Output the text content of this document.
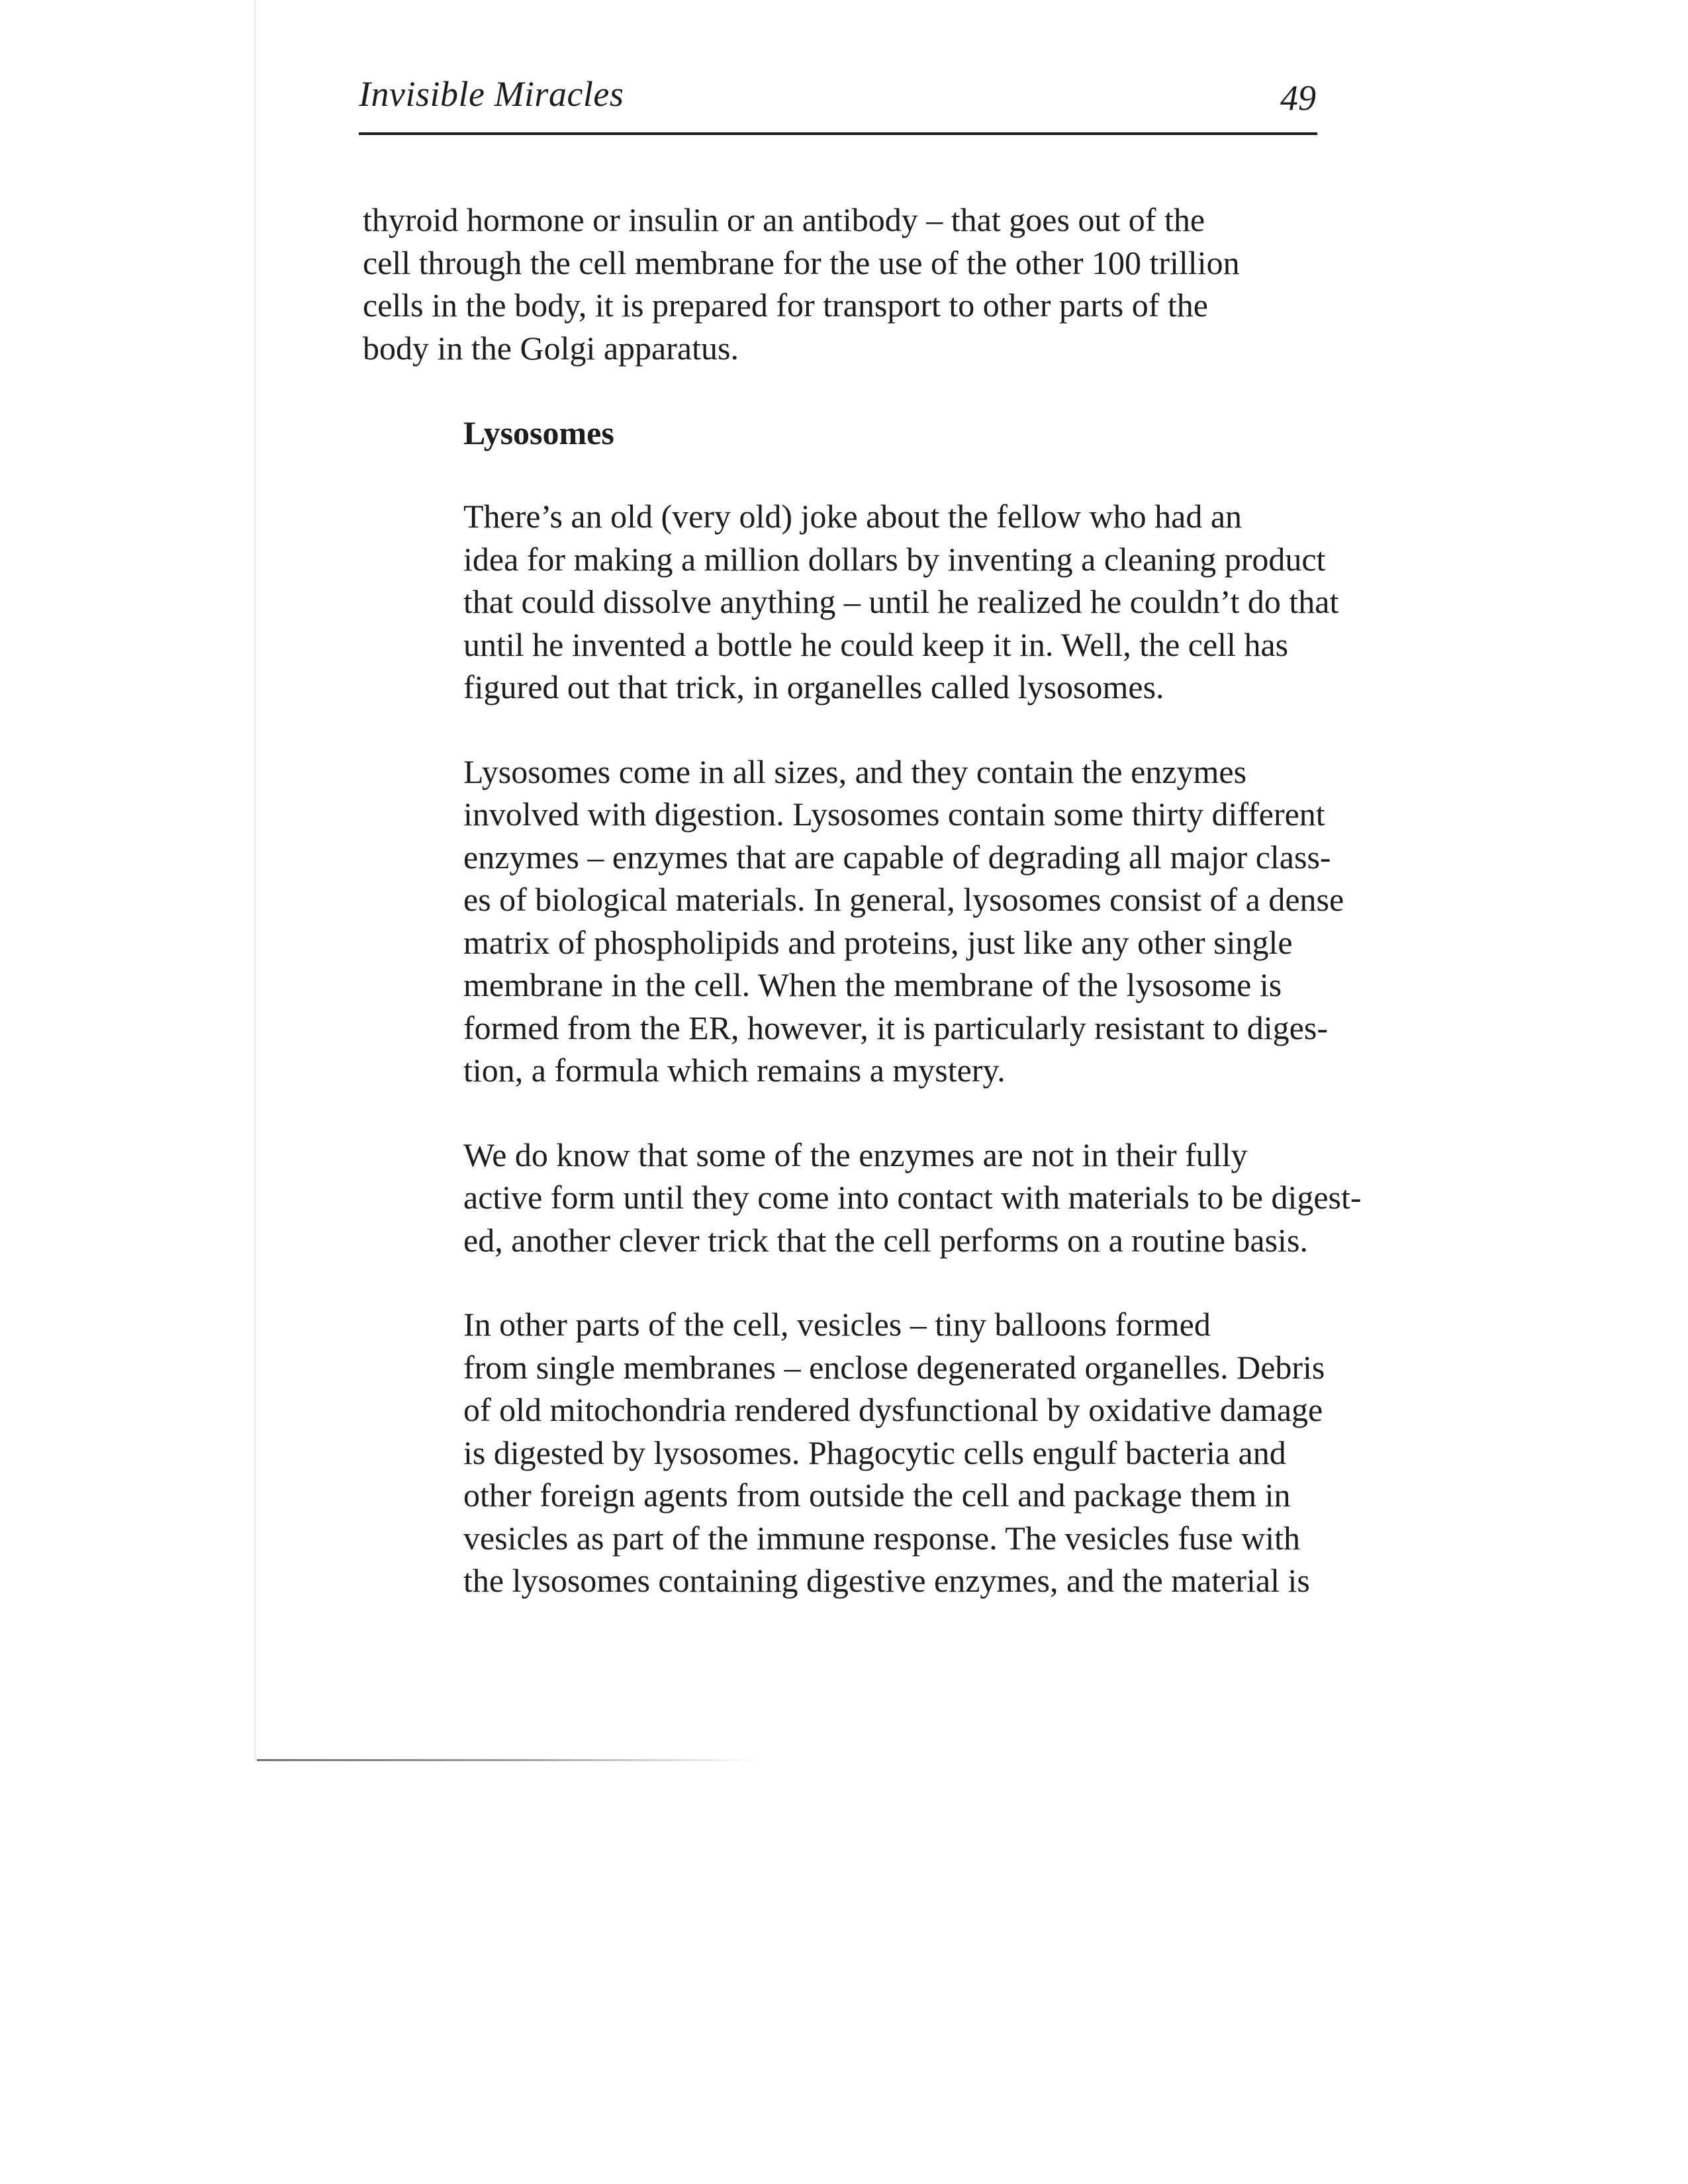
Invisible Miracles	49

thyroid hormone or insulin or an antibody – that goes out of the
cell through the cell membrane for the use of the other 100 trillion
cells in the body, it is prepared for transport to other parts of the
body in the Golgi apparatus.

Lysosomes

There’s an old (very old) joke about the fellow who had an
idea for making a million dollars by inventing a cleaning product
that could dissolve anything – until he realized he couldn’t do that
until he invented a bottle he could keep it in. Well, the cell has
figured out that trick, in organelles called lysosomes.

Lysosomes come in all sizes, and they contain the enzymes
involved with digestion. Lysosomes contain some thirty different
enzymes – enzymes that are capable of degrading all major class-
es of biological materials. In general, lysosomes consist of a dense
matrix of phospholipids and proteins, just like any other single
membrane in the cell. When the membrane of the lysosome is
formed from the ER, however, it is particularly resistant to diges-
tion, a formula which remains a mystery.

We do know that some of the enzymes are not in their fully
active form until they come into contact with materials to be digest-
ed, another clever trick that the cell performs on a routine basis.

In other parts of the cell, vesicles – tiny balloons formed
from single membranes – enclose degenerated organelles. Debris
of old mitochondria rendered dysfunctional by oxidative damage
is digested by lysosomes. Phagocytic cells engulf bacteria and
other foreign agents from outside the cell and package them in
vesicles as part of the immune response. The vesicles fuse with
the lysosomes containing digestive enzymes, and the material is
